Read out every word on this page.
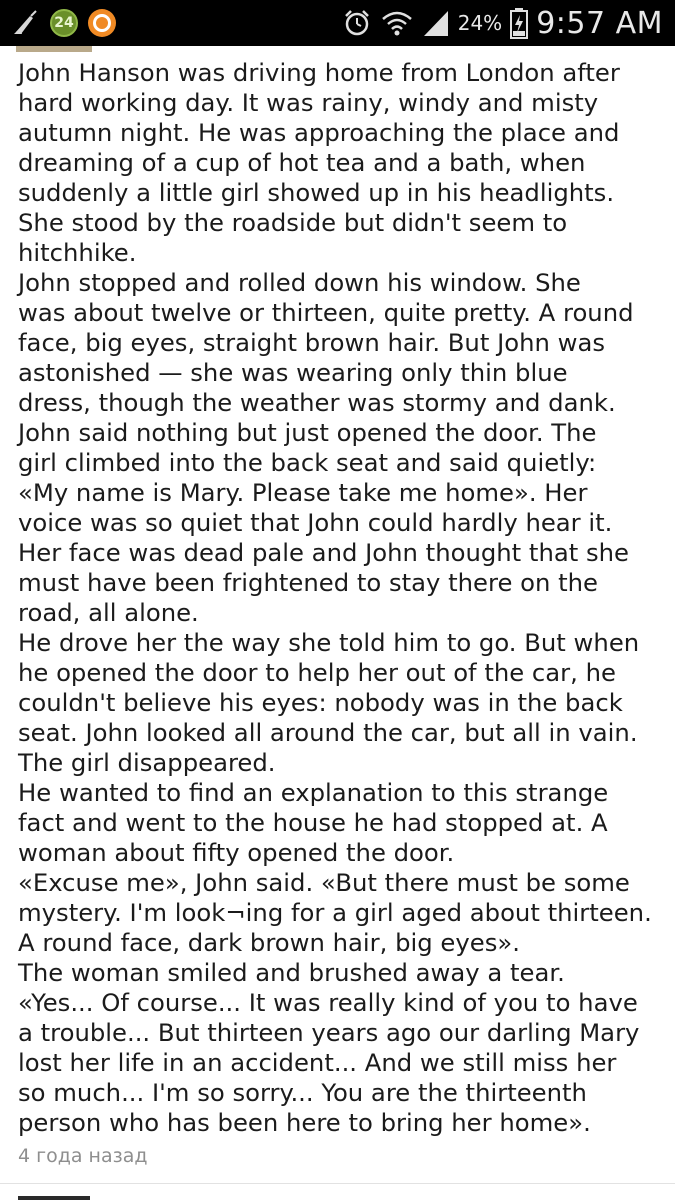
24	24% 9:57 AM
John Hanson was driving home from London after
hard working day. It was rainy, windy and misty
autumn night. He was approaching the place and
dreaming of a cup of hot tea and a bath, when
suddenly a little girl showed up in his headlights.
She stood by the roadside but didn't seem to
hitchhike.
John stopped and rolled down his window. She
was about twelve or thirteen, quite pretty. A round
face, big eyes, straight brown hair. But John was
astonished — she was wearing only thin blue
dress, though the weather was stormy and dank.
John said nothing but just opened the door. The
girl climbed into the back seat and said quietly:
«My name is Mary. Please take me home». Her
voice was so quiet that John could hardly hear it.
Her face was dead pale and John thought that she
must have been frightened to stay there on the
road, all alone.
He drove her the way she told him to go. But when
he opened the door to help her out of the car, he
couldn't believe his eyes: nobody was in the back
seat. John looked all around the car, but all in vain.
The girl disappeared.
He wanted to find an explanation to this strange
fact and went to the house he had stopped at. A
woman about fifty opened the door.
«Excuse me», John said. «But there must be some
mystery. I'm look¬ing for a girl aged about thirteen.
A round face, dark brown hair, big eyes».
The woman smiled and brushed away a tear.
«Yes... Of course... It was really kind of you to have
a trouble... But thirteen years ago our darling Mary
lost her life in an accident... And we still miss her
so much... I'm so sorry... You are the thirteenth
person who has been here to bring her home».
4 года назад
